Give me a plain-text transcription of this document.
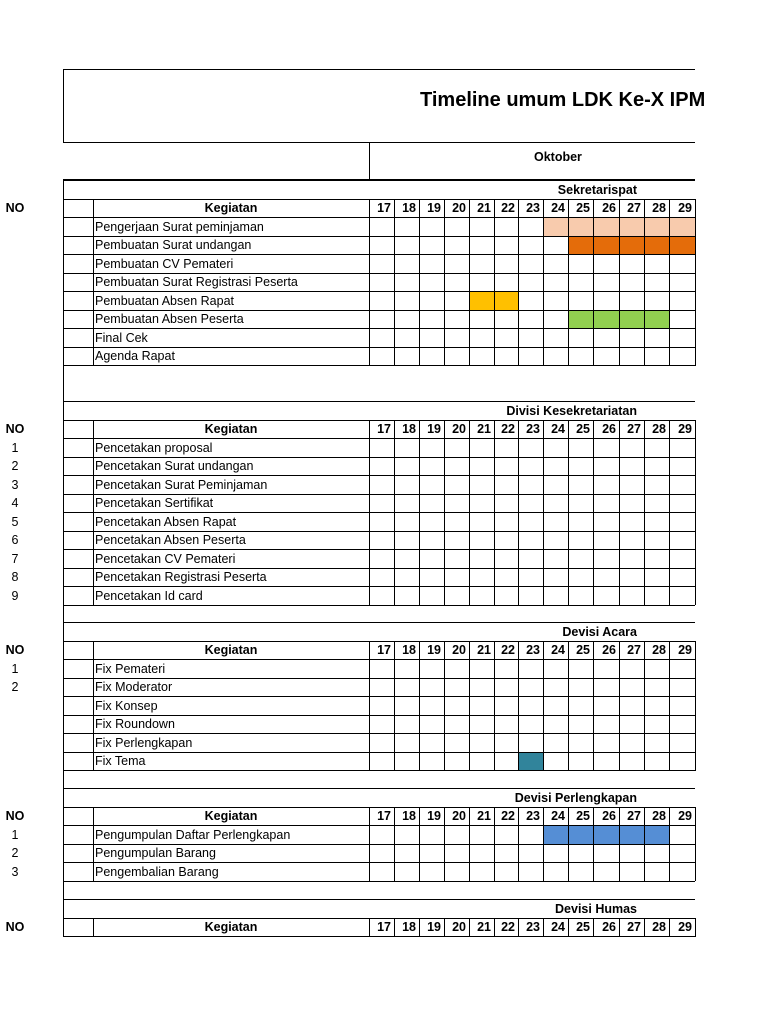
Timeline umum LDK Ke-X IPM
Oktober
Sekretarispat
NO	Kegiatan	17 18 19 20 21 22 23 24 25 26 27 28 29
Pengerjaan Surat peminjaman
Pembuatan Surat undangan
Pembuatan CV Pemateri
Pembuatan Surat Registrasi Peserta
Pembuatan Absen Rapat
Pembuatan Absen Peserta
Final Cek
Agenda Rapat
Divisi Kesekretariatan
NO	Kegiatan	17 18 19 20 21 22 23 24 25 26 27 28 29
1	Pencetakan proposal
2	Pencetakan Surat undangan
3	Pencetakan Surat Peminjaman
4	Pencetakan Sertifikat
5	Pencetakan Absen Rapat
6	Pencetakan Absen Peserta
7	Pencetakan CV Pemateri
8	Pencetakan Registrasi Peserta
9	Pencetakan Id card
Devisi Acara
NO	Kegiatan	17 18 19 20 21 22 23 24 25 26 27 28 29
1	Fix Pemateri
2	Fix Moderator
Fix Konsep
Fix Roundown
Fix Perlengkapan
Fix Tema
Devisi Perlengkapan
NO	Kegiatan	17 18 19 20 21 22 23 24 25 26 27 28 29
1	Pengumpulan Daftar Perlengkapan
2	Pengumpulan Barang
3	Pengembalian Barang
Devisi Humas
NO	Kegiatan	17 18 19 20 21 22 23 24 25 26 27 28 29
